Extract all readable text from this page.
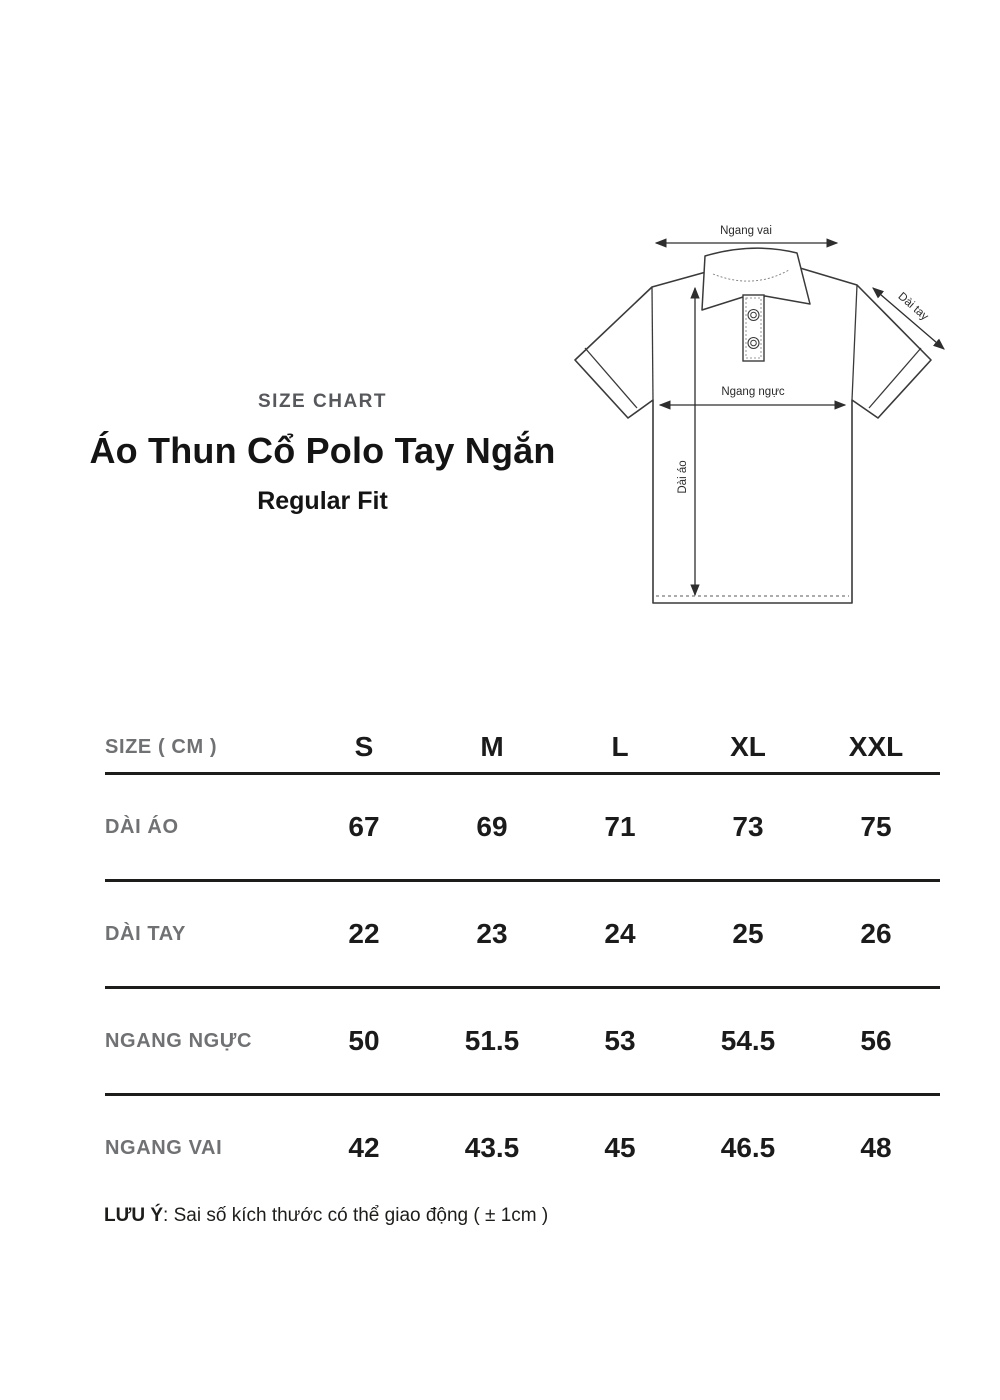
SIZE CHART
Áo Thun Cổ Polo Tay Ngắn
Regular Fit
Ngang vai
Ngang ngực
Dài áo
Dài tay
SIZE ( CM )	S	M	L	XL	XXL
DÀI ÁO	67	69	71	73	75
DÀI TAY	22	23	24	25	26
NGANG NGỰC	50	51.5	53	54.5	56
NGANG VAI	42	43.5	45	46.5	48

LƯU Ý: Sai số kích thước có thể giao động ( ± 1cm )
